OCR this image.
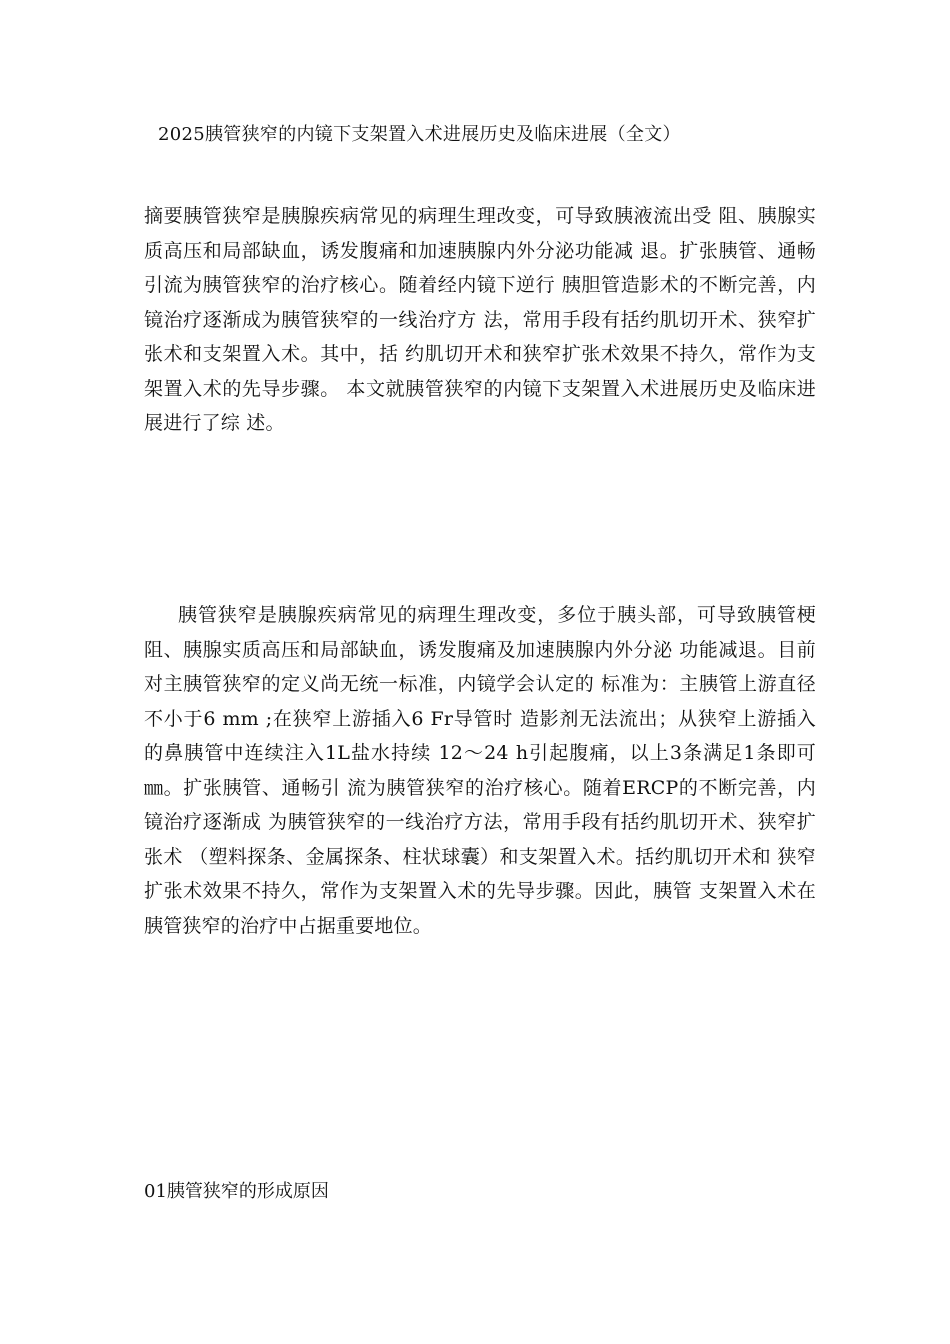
2025胰管狭窄的内镜下支架置入术进展历史及临床进展（全文）
摘要胰管狭窄是胰腺疾病常见的病理生理改变，可导致胰液流出受 阻、胰腺实质高压和局部缺血，诱发腹痛和加速胰腺内外分泌功能减 退。扩张胰管、通畅引流为胰管狭窄的治疗核心。随着经内镜下逆行 胰胆管造影术的不断完善，内镜治疗逐渐成为胰管狭窄的一线治疗方 法，常用手段有括约肌切开术、狭窄扩张术和支架置入术。其中，括 约肌切开术和狭窄扩张术效果不持久，常作为支架置入术的先导步骤。 本文就胰管狭窄的内镜下支架置入术进展历史及临床进展进行了综 述。
胰管狭窄是胰腺疾病常见的病理生理改变，多位于胰头部，可导致胰管梗阻、胰腺实质高压和局部缺血，诱发腹痛及加速胰腺内外分泌 功能减退。目前对主胰管狭窄的定义尚无统一标准，内镜学会认定的 标准为：主胰管上游直径不小于6 mm ;在狭窄上游插入6 Fr导管时 造影剂无法流出；从狭窄上游插入的鼻胰管中连续注入1L盐水持续 12〜24 h引起腹痛，以上3条满足1条即可㎜。扩张胰管、通畅引 流为胰管狭窄的治疗核心。随着ERCP的不断完善，内镜治疗逐渐成 为胰管狭窄的一线治疗方法，常用手段有括约肌切开术、狭窄扩张术 （塑料探条、金属探条、柱状球囊）和支架置入术。括约肌切开术和 狭窄扩张术效果不持久，常作为支架置入术的先导步骤。因此，胰管 支架置入术在胰管狭窄的治疗中占据重要地位。
01胰管狭窄的形成原因
